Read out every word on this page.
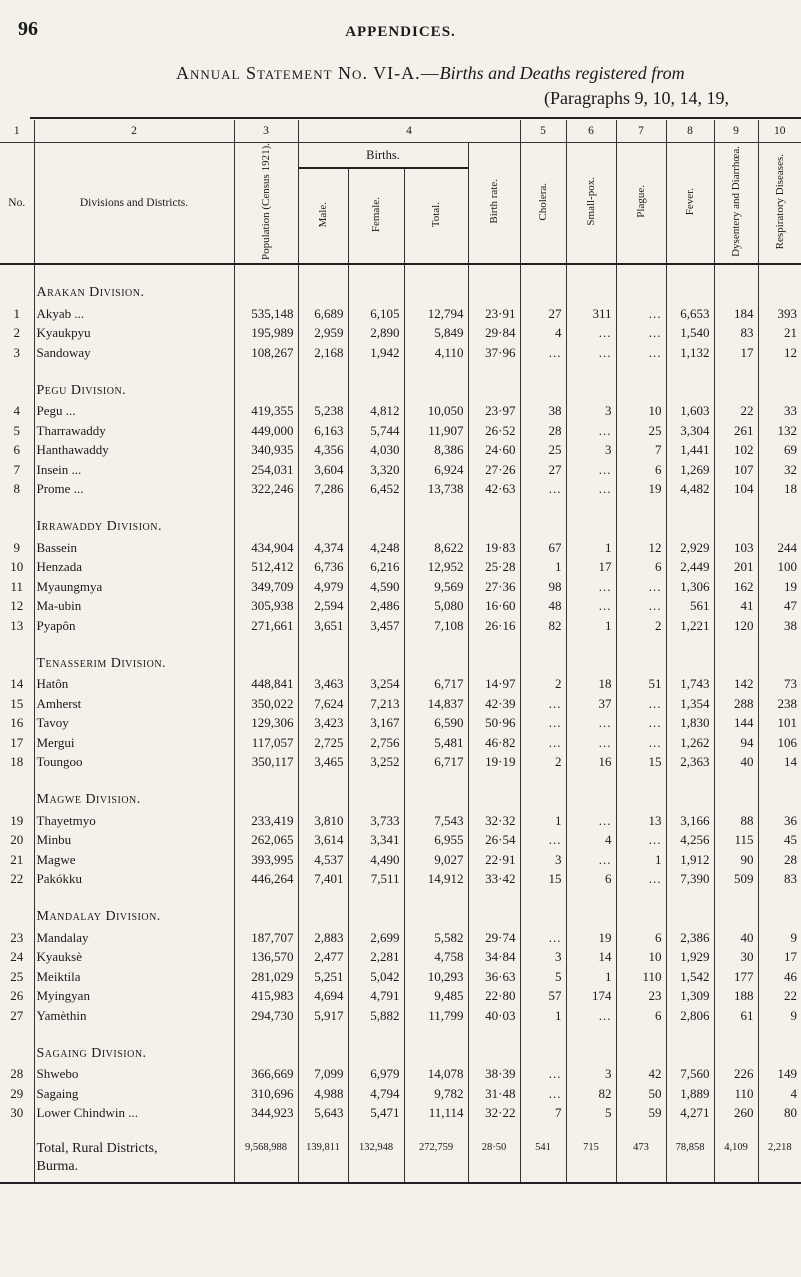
96	APPENDICES.
Annual Statement No. VI-A.—Births and Deaths registered from
(Paragraphs 9, 10, 14, 19,
1	2	3	4				5	6	7	8	9	10
No.	Divisions and Districts.	Population (Census 1921).	Births.			Birth rate.	Cholera.	Small-pox.	Plague.	Fever.	Dysentery and Diarrhœa.	Respiratory Diseases.
			Male.	Female.	Total.							

	Arakan Division.											
1	Akyab ...	535,148	6,689	6,105	12,794	23·91	27	311	...	6,653	184	393
2	Kyaukpyu	195,989	2,959	2,890	5,849	29·84	4	...	...	1,540	83	21
3	Sandoway	108,267	2,168	1,942	4,110	37·96	...	...	...	1,132	17	12

	Pegu Division.											
4	Pegu ...	419,355	5,238	4,812	10,050	23·97	38	3	10	1,603	22	33
5	Tharrawaddy	449,000	6,163	5,744	11,907	26·52	28	...	25	3,304	261	132
6	Hanthawaddy	340,935	4,356	4,030	8,386	24·60	25	3	7	1,441	102	69
7	Insein ...	254,031	3,604	3,320	6,924	27·26	27	...	6	1,269	107	32
8	Prome ...	322,246	7,286	6,452	13,738	42·63	...	...	19	4,482	104	18

	Irrawaddy Division.											
9	Bassein	434,904	4,374	4,248	8,622	19·83	67	1	12	2,929	103	244
10	Henzada	512,412	6,736	6,216	12,952	25·28	1	17	6	2,449	201	100
11	Myaungmya	349,709	4,979	4,590	9,569	27·36	98	...	...	1,306	162	19
12	Ma-ubin	305,938	2,594	2,486	5,080	16·60	48	...	...	561	41	47
13	Pyapôn	271,661	3,651	3,457	7,108	26·16	82	1	2	1,221	120	38

	Tenasserim Division.											
14	Hatôn	448,841	3,463	3,254	6,717	14·97	2	18	51	1,743	142	73
15	Amherst	350,022	7,624	7,213	14,837	42·39	...	37	...	1,354	288	238
16	Tavoy	129,306	3,423	3,167	6,590	50·96	...	...	...	1,830	144	101
17	Mergui	117,057	2,725	2,756	5,481	46·82	...	...	...	1,262	94	106
18	Toungoo	350,117	3,465	3,252	6,717	19·19	2	16	15	2,363	40	14

	Magwe Division.											
19	Thayetmyo	233,419	3,810	3,733	7,543	32·32	1	...	13	3,166	88	36
20	Minbu	262,065	3,614	3,341	6,955	26·54	...	4	...	4,256	115	45
21	Magwe	393,995	4,537	4,490	9,027	22·91	3	...	1	1,912	90	28
22	Pakókku	446,264	7,401	7,511	14,912	33·42	15	6	...	7,390	509	83

	Mandalay Division.											
23	Mandalay	187,707	2,883	2,699	5,582	29·74	...	19	6	2,386	40	9
24	Kyauksè	136,570	2,477	2,281	4,758	34·84	3	14	10	1,929	30	17
25	Meiktila	281,029	5,251	5,042	10,293	36·63	5	1	110	1,542	177	46
26	Myingyan	415,983	4,694	4,791	9,485	22·80	57	174	23	1,309	188	22
27	Yamèthin	294,730	5,917	5,882	11,799	40·03	1	...	6	2,806	61	9

	Sagaing Division.											
28	Shwebo	366,669	7,099	6,979	14,078	38·39	...	3	42	7,560	226	149
29	Sagaing	310,696	4,988	4,794	9,782	31·48	...	82	50	1,889	110	4
30	Lower Chindwin ...	344,923	5,643	5,471	11,114	32·22	7	5	59	4,271	260	80

	Total, Rural Districts,
Burma.	9,568,988	139,811	132,948	272,759	28·50	541	715	473	78,858	4,109	2,218
